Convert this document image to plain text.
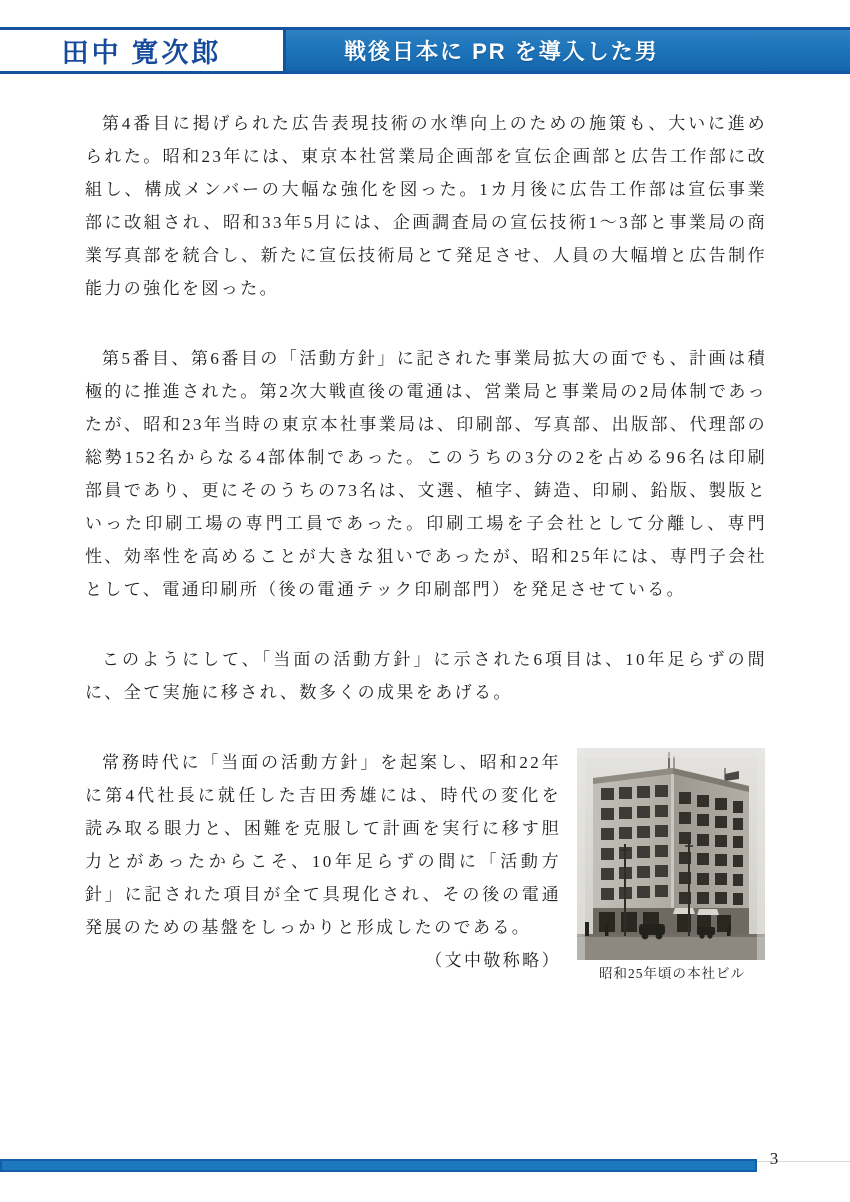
田中 寛次郎	戦後日本に PR を導入した男

第4番目に掲げられた広告表現技術の水準向上のための施策も、大いに進められた。昭和23年には、東京本社営業局企画部を宣伝企画部と広告工作部に改組し、構成メンバーの大幅な強化を図った。1カ月後に広告工作部は宣伝事業部に改組され、昭和33年5月には、企画調査局の宣伝技術1～3部と事業局の商業写真部を統合し、新たに宣伝技術局とて発足させ、人員の大幅増と広告制作能力の強化を図った。

第5番目、第6番目の「活動方針」に記された事業局拡大の面でも、計画は積極的に推進された。第2次大戦直後の電通は、営業局と事業局の2局体制であったが、昭和23年当時の東京本社事業局は、印刷部、写真部、出版部、代理部の総勢152名からなる4部体制であった。このうちの3分の2を占める96名は印刷部員であり、更にそのうちの73名は、文選、植字、鋳造、印刷、鉛版、製版といった印刷工場の専門工員であった。印刷工場を子会社として分離し、専門性、効率性を高めることが大きな狙いであったが、昭和25年には、専門子会社として、電通印刷所（後の電通テック印刷部門）を発足させている。

このようにして、「当面の活動方針」に示された6項目は、10年足らずの間に、全て実施に移され、数多くの成果をあげる。

昭和25年頃の本社ビル

常務時代に「当面の活動方針」を起案し、昭和22年に第4代社長に就任した吉田秀雄には、時代の変化を読み取る眼力と、困難を克服して計画を実行に移す胆力とがあったからこそ、10年足らずの間に「活動方針」に記された項目が全て具現化され、その後の電通発展のための基盤をしっかりと形成したのである。

（文中敬称略）
3
